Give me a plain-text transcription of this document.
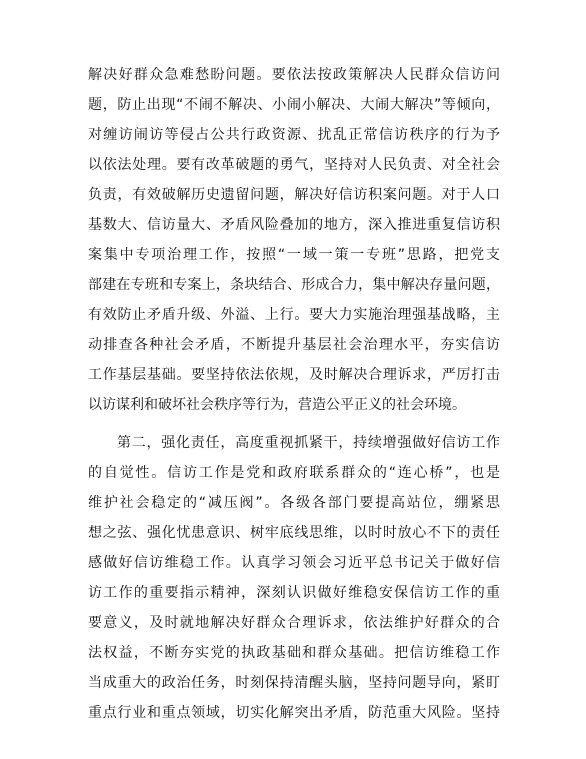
解决好群众急难愁盼问题。要依法按政策解决人民群众信访问
题，防止出现“不闹不解决、小闹小解决、大闹大解决”等倾向，
对缠访闹访等侵占公共行政资源、扰乱正常信访秩序的行为予
以依法处理。要有改革破题的勇气，坚持对人民负责、对全社会
负责，有效破解历史遗留问题，解决好信访积案问题。对于人口
基数大、信访量大、矛盾风险叠加的地方，深入推进重复信访积
案集中专项治理工作，按照“一域一策一专班”思路，把党支
部建在专班和专案上，条块结合、形成合力，集中解决存量问题，
有效防止矛盾升级、外溢、上行。要大力实施治理强基战略，主
动排查各种社会矛盾，不断提升基层社会治理水平，夯实信访
工作基层基础。要坚持依法依规，及时解决合理诉求，严厉打击
以访谋利和破坏社会秩序等行为，营造公平正义的社会环境。
第二，强化责任，高度重视抓紧干，持续增强做好信访工作
的自觉性。信访工作是党和政府联系群众的“连心桥”，也是
维护社会稳定的“减压阀”。各级各部门要提高站位，绷紧思
想之弦、强化忧患意识、树牢底线思维，以时时放心不下的责任
感做好信访维稳工作。认真学习领会习近平总书记关于做好信
访工作的重要指示精神，深刻认识做好维稳安保信访工作的重
要意义，及时就地解决好群众合理诉求，依法维护好群众的合
法权益，不断夯实党的执政基础和群众基础。把信访维稳工作
当成重大的政治任务，时刻保持清醒头脑，坚持问题导向，紧盯
重点行业和重点领域，切实化解突出矛盾，防范重大风险。坚持
